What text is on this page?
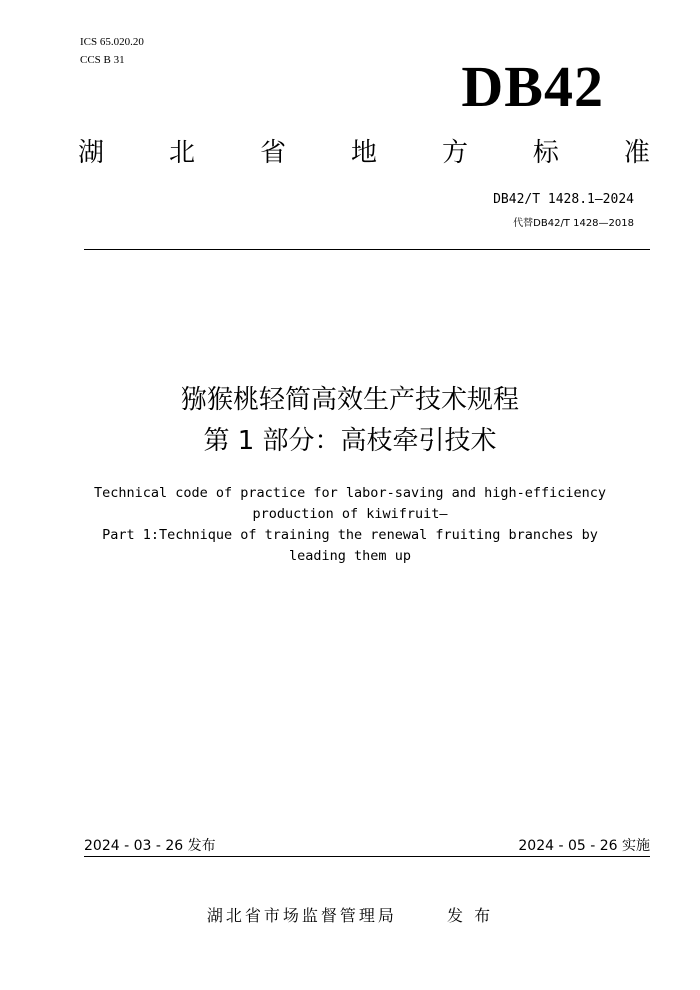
ICS 65.020.20
CCS B 31	DB42
湖 北 省 地 方 标 准
DB42/T 1428.1—2024
代替DB42/T 1428—2018
猕猴桃轻简高效生产技术规程
第 1 部分：高枝牵引技术
Technical code of practice for labor-saving and high-efficiency
production of kiwifruit—
Part 1:Technique of training the renewal fruiting branches by
leading them up
2024 - 03 - 26 发布	2024 - 05 - 26 实施
湖北省市场监督管理局	发 布
